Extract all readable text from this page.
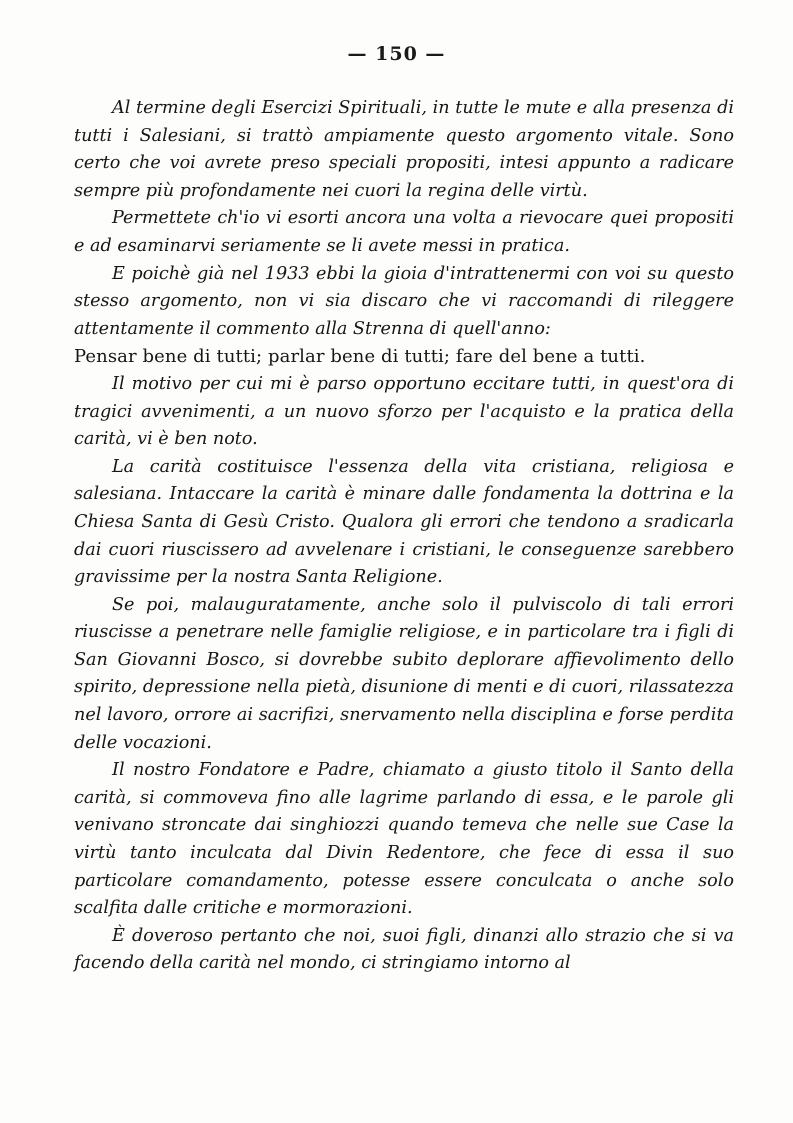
— 150 —

Al termine degli Esercizi Spirituali, in tutte le mute e alla presenza di tutti i Salesiani, si trattò ampiamente questo argomento vitale. Sono certo che voi avrete preso speciali propositi, intesi appunto a radicare sempre più profondamente nei cuori la regina delle virtù.

Permettete ch'io vi esorti ancora una volta a rievocare quei propositi e ad esaminarvi seriamente se li avete messi in pratica.

E poichè già nel 1933 ebbi la gioia d'intrattenermi con voi su questo stesso argomento, non vi sia discaro che vi raccomandi di rileggere attentamente il commento alla Strenna di quell'anno:

Pensar bene di tutti; parlar bene di tutti; fare del bene a tutti.

Il motivo per cui mi è parso opportuno eccitare tutti, in quest'ora di tragici avvenimenti, a un nuovo sforzo per l'acquisto e la pratica della carità, vi è ben noto.

La carità costituisce l'essenza della vita cristiana, religiosa e salesiana. Intaccare la carità è minare dalle fondamenta la dottrina e la Chiesa Santa di Gesù Cristo. Qualora gli errori che tendono a sradicarla dai cuori riuscissero ad avvelenare i cristiani, le conseguenze sarebbero gravissime per la nostra Santa Religione.

Se poi, malauguratamente, anche solo il pulviscolo di tali errori riuscisse a penetrare nelle famiglie religiose, e in particolare tra i figli di San Giovanni Bosco, si dovrebbe subito deplorare affievolimento dello spirito, depressione nella pietà, disunione di menti e di cuori, rilassatezza nel lavoro, orrore ai sacrifizi, snervamento nella disciplina e forse perdita delle vocazioni.

Il nostro Fondatore e Padre, chiamato a giusto titolo il Santo della carità, si commoveva fino alle lagrime parlando di essa, e le parole gli venivano stroncate dai singhiozzi quando temeva che nelle sue Case la virtù tanto inculcata dal Divin Redentore, che fece di essa il suo particolare comandamento, potesse essere conculcata o anche solo scalfita dalle critiche e mormorazioni.

È doveroso pertanto che noi, suoi figli, dinanzi allo strazio che si va facendo della carità nel mondo, ci stringiamo intorno al
